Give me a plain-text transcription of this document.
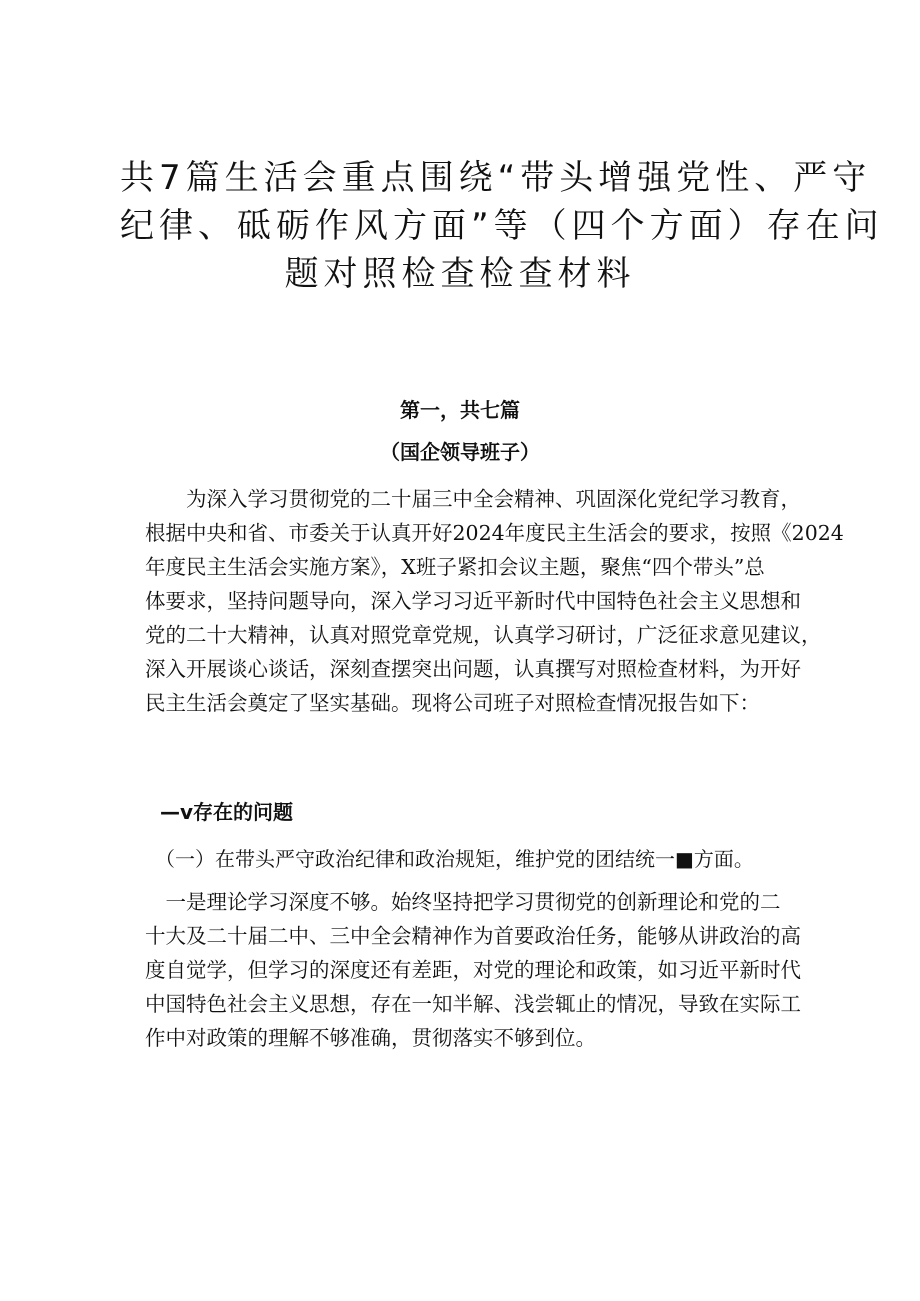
共7篇生活会重点围绕“带头增强党性、严守
纪律、砥砺作风方面”等（四个方面）存在问
题对照检查检查材料
第一，共七篇
（国企领导班子）

　　为深入学习贯彻党的二十届三中全会精神、巩固深化党纪学习教育，
根据中央和省、市委关于认真开好2024年度民主生活会的要求，按照《2024
年度民主生活会实施方案》，X班子紧扣会议主题，聚焦“四个带头”总
体要求，坚持问题导向，深入学习习近平新时代中国特色社会主义思想和
党的二十大精神，认真对照党章党规，认真学习研讨，广泛征求意见建议，
深入开展谈心谈话，深刻查摆突出问题，认真撰写对照检查材料，为开好
民主生活会奠定了坚实基础。现将公司班子对照检查情况报告如下：

—v存在的问题
　（一）在带头严守政治纪律和政治规矩，维护党的团结统一■方面。

　一是理论学习深度不够。始终坚持把学习贯彻党的创新理论和党的二
十大及二十届二中、三中全会精神作为首要政治任务，能够从讲政治的高
度自觉学，但学习的深度还有差距，对党的理论和政策，如习近平新时代
中国特色社会主义思想，存在一知半解、浅尝辄止的情况，导致在实际工
作中对政策的理解不够准确，贯彻落实不够到位。
